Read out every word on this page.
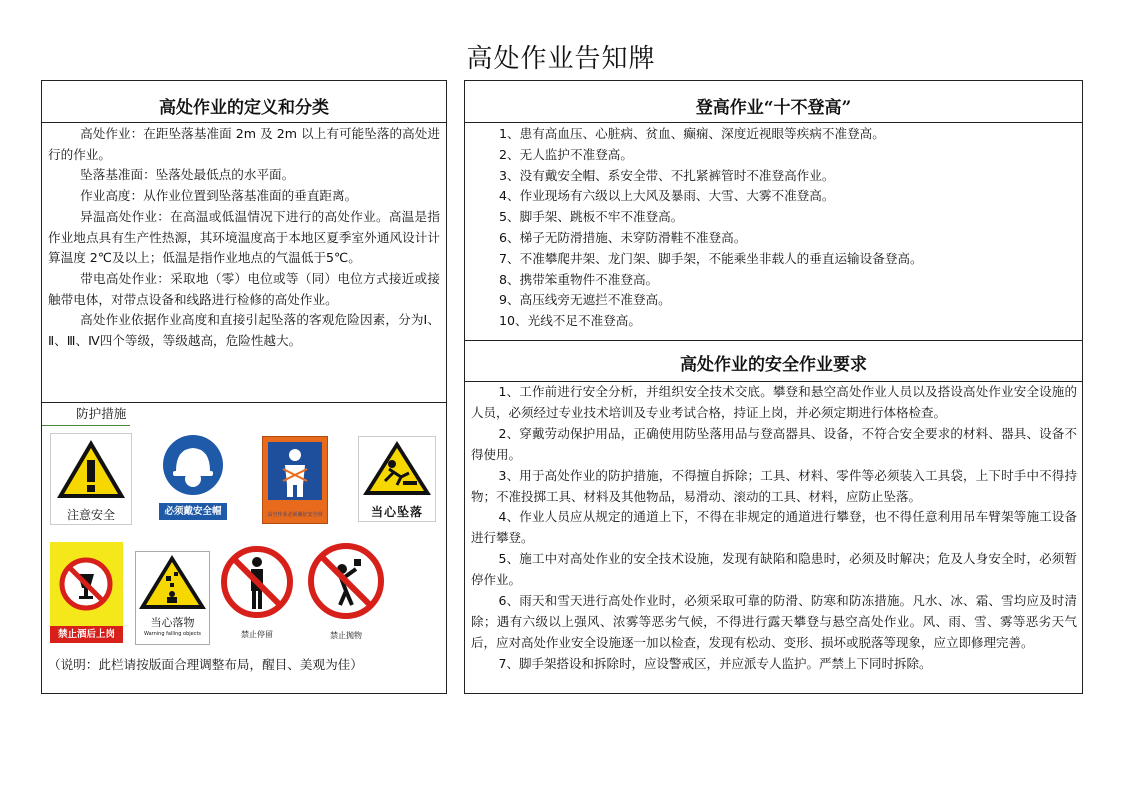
高处作业告知牌
高处作业的定义和分类

高处作业：在距坠落基准面 2m 及 2m 以上有可能坠落的高处进行的作业。

坠落基准面：坠落处最低点的水平面。

作业高度：从作业位置到坠落基准面的垂直距离。

异温高处作业：在高温或低温情况下进行的高处作业。高温是指作业地点具有生产性热源，其环境温度高于本地区夏季室外通风设计计算温度 2℃及以上；低温是指作业地点的气温低于5℃。

带电高处作业：采取地（零）电位或等（同）电位方式接近或接触带电体，对带点设备和线路进行检修的高处作业。

高处作业依据作业高度和直接引起坠落的客观危险因素，分为Ⅰ、Ⅱ、Ⅲ、Ⅳ四个等级，等级越高，危险性越大。

防护措施
注意安全	必须戴安全帽	高空作业必须戴好安全带	当心坠落
禁止酒后上岗
当心落物
Warning falling objects	禁止停留	禁止抛物
（说明：此栏请按版面合理调整布局，醒目、美观为佳）
登高作业“十不登高”
1、患有高血压、心脏病、贫血、癫痫、深度近视眼等疾病不准登高。
2、无人监护不准登高。
3、没有戴安全帽、系安全带、不扎紧裤管时不准登高作业。
4、作业现场有六级以上大风及暴雨、大雪、大雾不准登高。
5、脚手架、跳板不牢不准登高。
6、梯子无防滑措施、未穿防滑鞋不准登高。
7、不准攀爬井架、龙门架、脚手架，不能乘坐非载人的垂直运输设备登高。
8、携带笨重物件不准登高。
9、高压线旁无遮拦不准登高。
10、光线不足不准登高。
高处作业的安全作业要求

1、工作前进行安全分析，并组织安全技术交底。攀登和悬空高处作业人员以及搭设高处作业安全设施的人员，必须经过专业技术培训及专业考试合格，持证上岗，并必须定期进行体格检查。

2、穿戴劳动保护用品，正确使用防坠落用品与登高器具、设备，不符合安全要求的材料、器具、设备不得使用。

3、用于高处作业的防护措施，不得擅自拆除；工具、材料、零件等必须装入工具袋，上下时手中不得持物；不准投掷工具、材料及其他物品，易滑动、滚动的工具、材料，应防止坠落。

4、作业人员应从规定的通道上下，不得在非规定的通道进行攀登，也不得任意利用吊车臂架等施工设备进行攀登。

5、施工中对高处作业的安全技术设施，发现有缺陷和隐患时，必须及时解决；危及人身安全时，必须暂停作业。

6、雨天和雪天进行高处作业时，必须采取可靠的防滑、防寒和防冻措施。凡水、冰、霜、雪均应及时清除；遇有六级以上强风、浓雾等恶劣气候，不得进行露天攀登与悬空高处作业。风、雨、雪、雾等恶劣天气后，应对高处作业安全设施逐一加以检查，发现有松动、变形、损坏或脱落等现象，应立即修理完善。

7、脚手架搭设和拆除时，应设警戒区，并应派专人监护。严禁上下同时拆除。
